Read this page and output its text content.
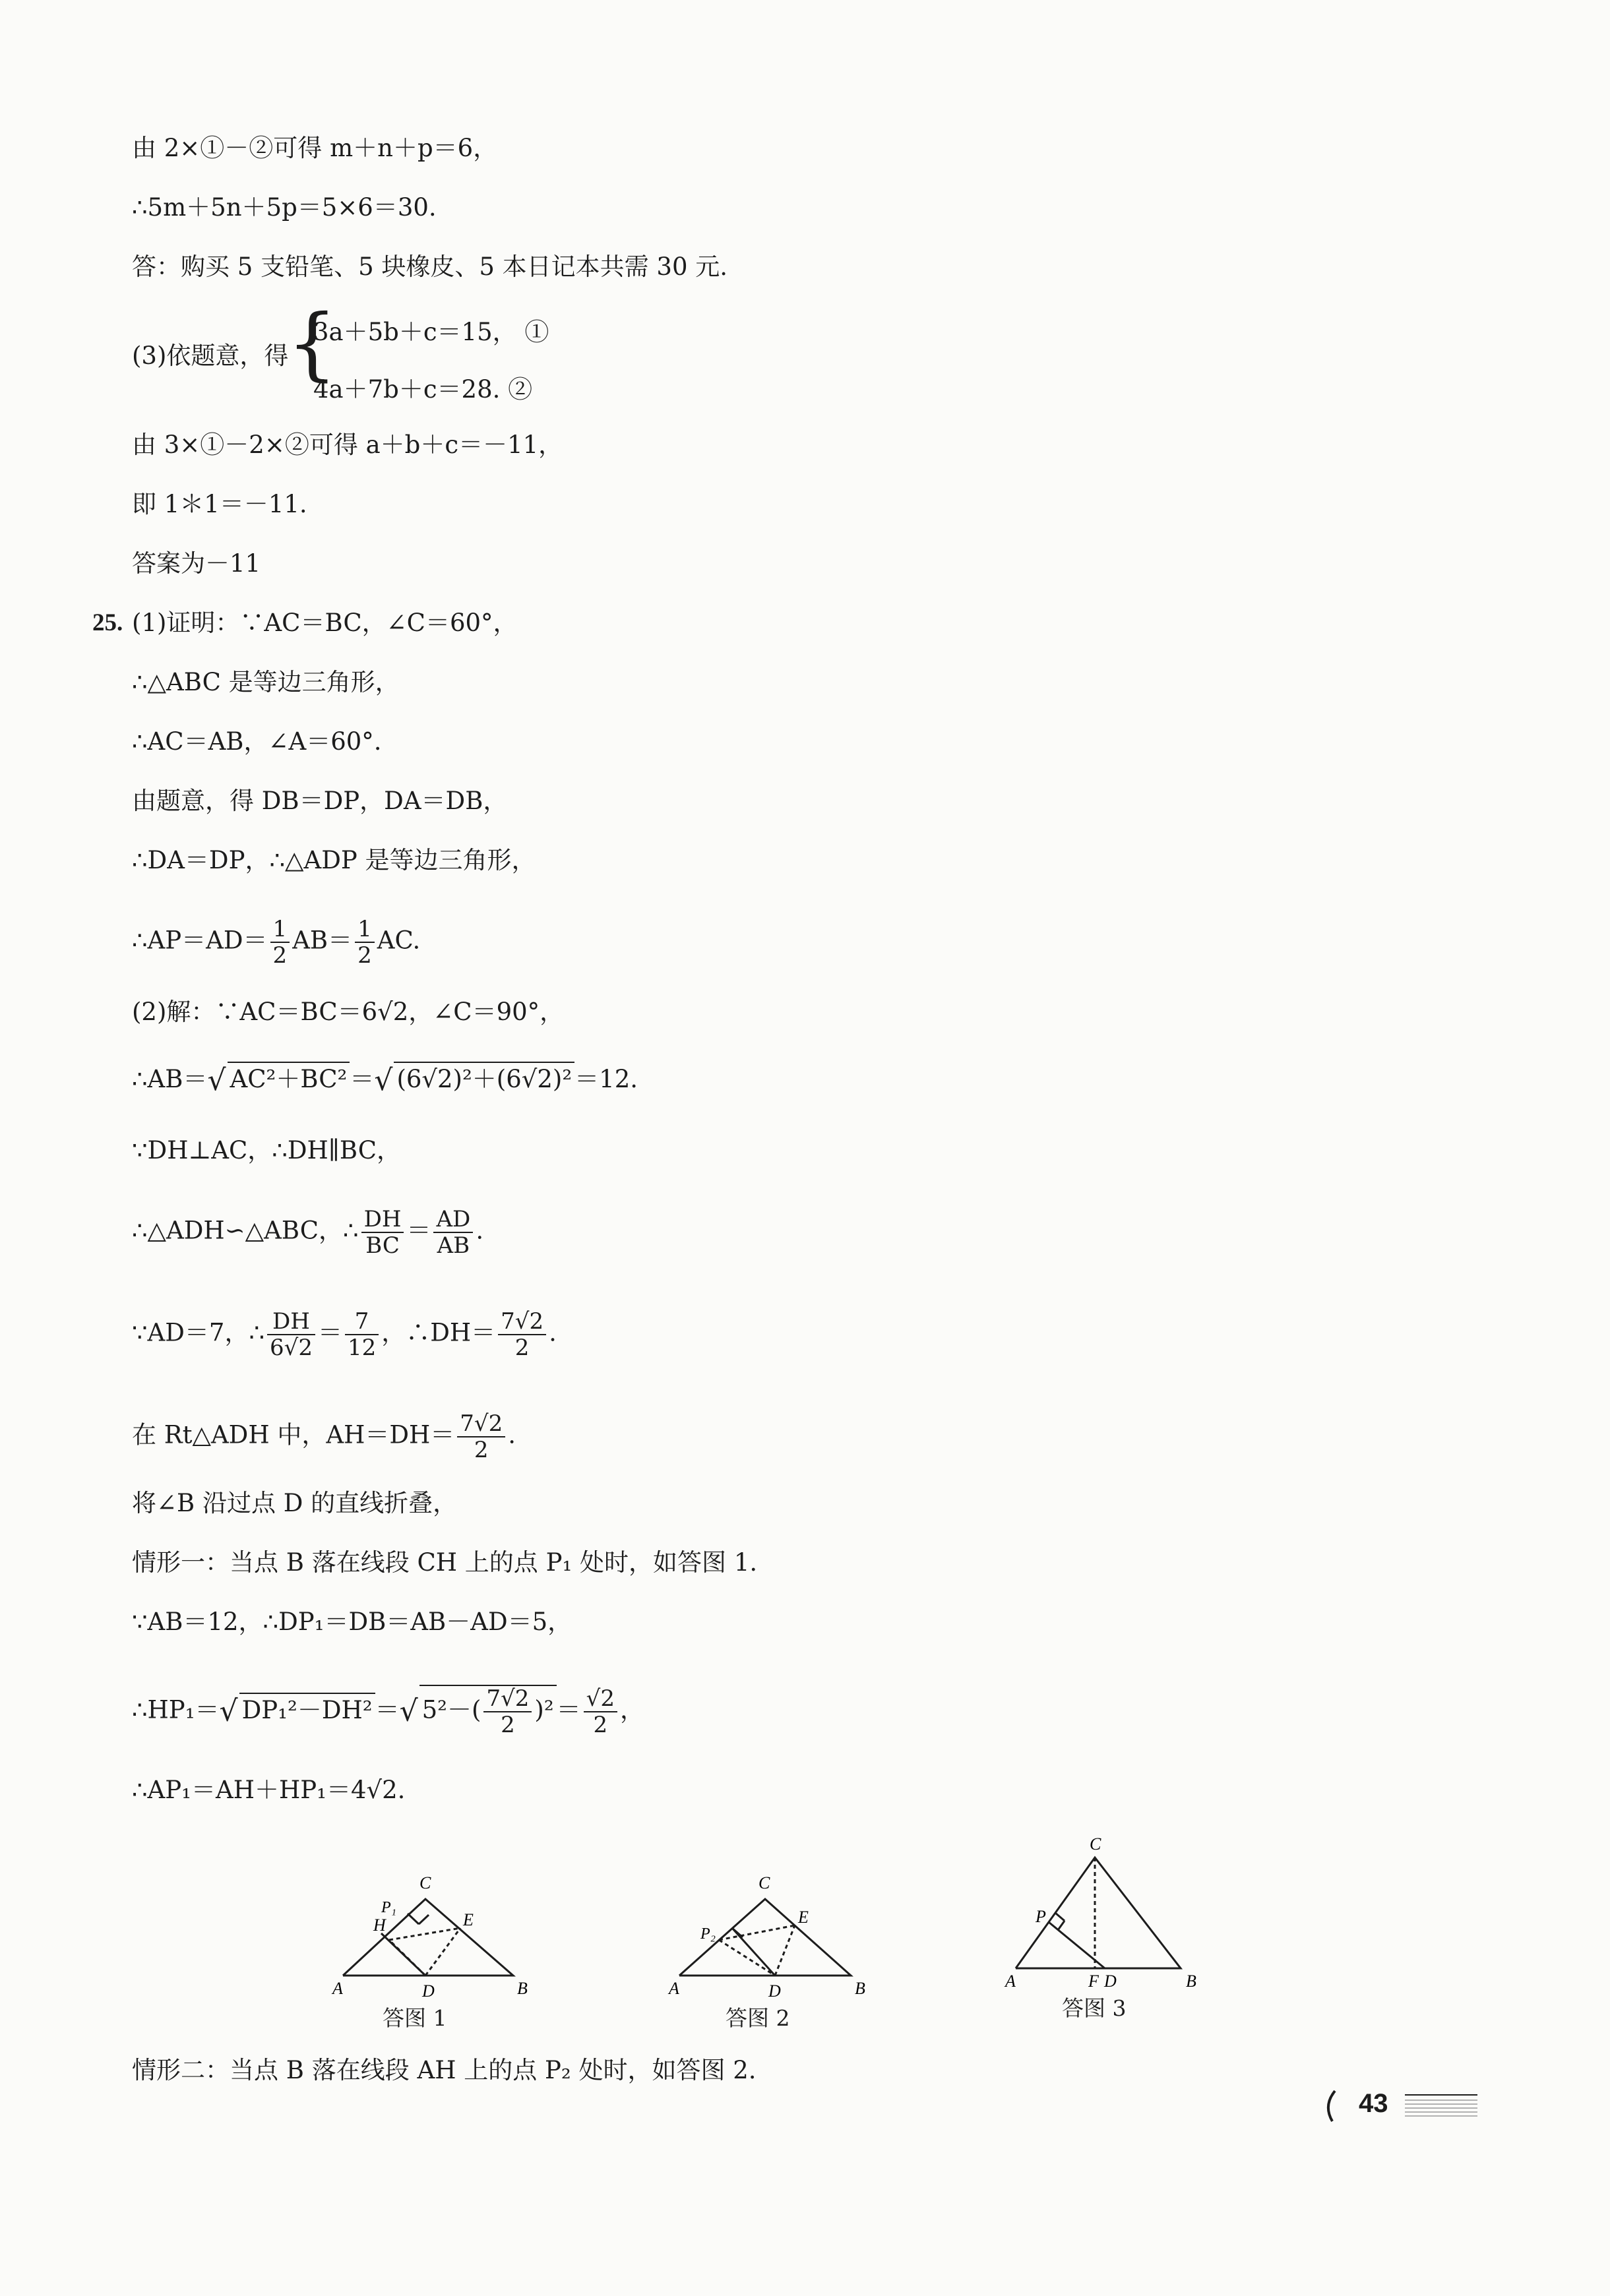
由 2×①－②可得 m＋n＋p＝6，
∴5m＋5n＋5p＝5×6＝30.
答：购买 5 支铅笔、5 块橡皮、5 本日记本共需 30 元.
(3)依题意，得
{
3a＋5b＋c＝15， ①
4a＋7b＋c＝28. ②
由 3×①－2×②可得 a＋b＋c＝－11，
即 1＊1＝－11.
答案为－11
25. (1)证明：∵AC＝BC，∠C＝60°，
∴△ABC 是等边三角形，
∴AC＝AB，∠A＝60°.
由题意，得 DB＝DP，DA＝DB，
∴DA＝DP，∴△ADP 是等边三角形，
∴AP＝AD＝ $\frac{1}{2} AB= \frac{1}{2}$ AC.
(2)解：∵AC＝BC＝6√2，∠C＝90°，
∴AB＝√ AC²＋BC² ＝√ (6√2)²＋(6√2)² ＝12.
∵DH⊥AC，∴DH∥BC，
∴△ADH∽△ABC，∴ $\frac{DH}{BC} = \frac{AD}{AB}$ .
∵AD＝7，∴ $\frac{DH}{6√2} = \frac{7}{12}$ ，∴DH＝ $\frac{7√2}{2}$ .
在 Rt△ADH 中，$AH=DH= \frac{7√2}{2}$ .
将∠B 沿过点 D 的直线折叠，
情形一：当点 B 落在线段 CH 上的点 P₁ 处时，如答图 1.
∵AB＝12，∴DP₁＝DB＝AB－AD＝5，
∴HP₁＝√ DP₁²－DH² ＝√ $5^2-( \frac{7√2}{2} )^2 = \frac{√2}{2}$ ，
∴AP₁＝AH＋HP₁＝4√2.
A	B
C
D
E
H
P₁
答图 1
A	B
C
D
E
P₂
答图 2
A	B
C
F D
P
答图 3
情形二：当点 B 落在线段 AH 上的点 P₂ 处时，如答图 2.
43
